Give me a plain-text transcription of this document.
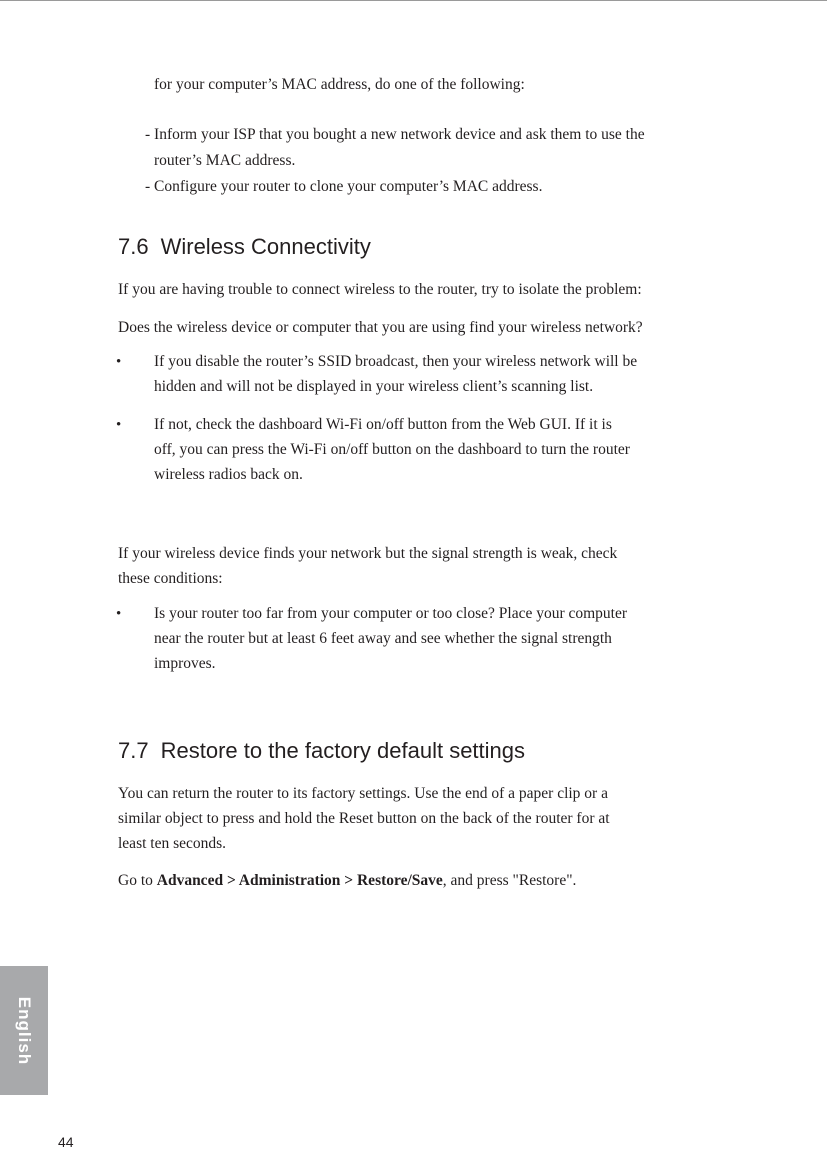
for your computer’s MAC address, do one of the following:

- Inform your ISP that you bought a new network device and ask them to use the

router’s MAC address.

- Configure your router to clone your computer’s MAC address.

7.6 Wireless Connectivity

If you are having trouble to connect wireless to the router, try to isolate the problem:

Does the wireless device or computer that you are using find your wireless network?

• If you disable the router’s SSID broadcast, then your wireless network will be
hidden and will not be displayed in your wireless client’s scanning list.

• If not, check the dashboard Wi-Fi on/off button from the Web GUI. If it is
off, you can press the Wi-Fi on/off button on the dashboard to turn the router
wireless radios back on.

If your wireless device finds your network but the signal strength is weak, check

these conditions:

• Is your router too far from your computer or too close? Place your computer
near the router but at least 6 feet away and see whether the signal strength
improves.

7.7 Restore to the factory default settings

You can return the router to its factory settings. Use the end of a paper clip or a

similar object to press and hold the Reset button on the back of the router for at

least ten seconds.

Go to Advanced > Administration > Restore/Save, and press "Restore".

English
44
